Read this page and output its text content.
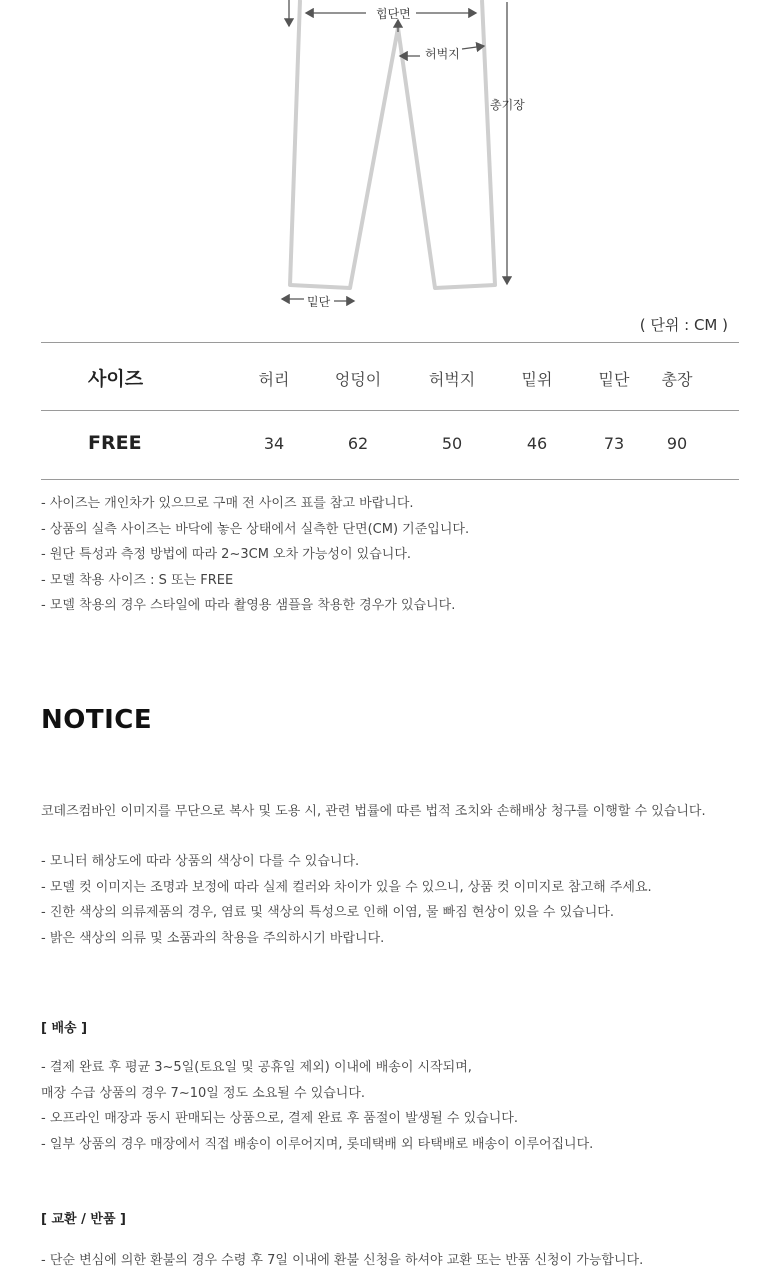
힙단면
허벅지
총기장
밑단
( 단위 : CM )
사이즈	허리	엉덩이	허벅지	밑위	밑단	총장
FREE	34	62	50	46	73	90
- 사이즈는 개인차가 있으므로 구매 전 사이즈 표를 참고 바랍니다.
- 상품의 실측 사이즈는 바닥에 놓은 상태에서 실측한 단면(CM) 기준입니다.
- 원단 특성과 측정 방법에 따라 2~3CM 오차 가능성이 있습니다.
- 모델 착용 사이즈 : S 또는 FREE
- 모델 착용의 경우 스타일에 따라 촬영용 샘플을 착용한 경우가 있습니다.
NOTICE
코데즈컴바인 이미지를 무단으로 복사 및 도용 시, 관련 법률에 따른 법적 조치와 손해배상 청구를 이행할 수 있습니다.
- 모니터 해상도에 따라 상품의 색상이 다를 수 있습니다.
- 모델 컷 이미지는 조명과 보정에 따라 실제 컬러와 차이가 있을 수 있으니, 상품 컷 이미지로 참고해 주세요.
- 진한 색상의 의류제품의 경우, 염료 및 색상의 특성으로 인해 이염, 물 빠짐 현상이 있을 수 있습니다.
- 밝은 색상의 의류 및 소품과의 착용을 주의하시기 바랍니다.
[ 배송 ]
- 결제 완료 후 평균 3~5일(토요일 및 공휴일 제외) 이내에 배송이 시작되며,
매장 수급 상품의 경우 7~10일 정도 소요될 수 있습니다.
- 오프라인 매장과 동시 판매되는 상품으로, 결제 완료 후 품절이 발생될 수 있습니다.
- 일부 상품의 경우 매장에서 직접 배송이 이루어지며, 롯데택배 외 타택배로 배송이 이루어집니다.
[ 교환 / 반품 ]
- 단순 변심에 의한 환불의 경우 수령 후 7일 이내에 환불 신청을 하셔야 교환 또는 반품 신청이 가능합니다.
